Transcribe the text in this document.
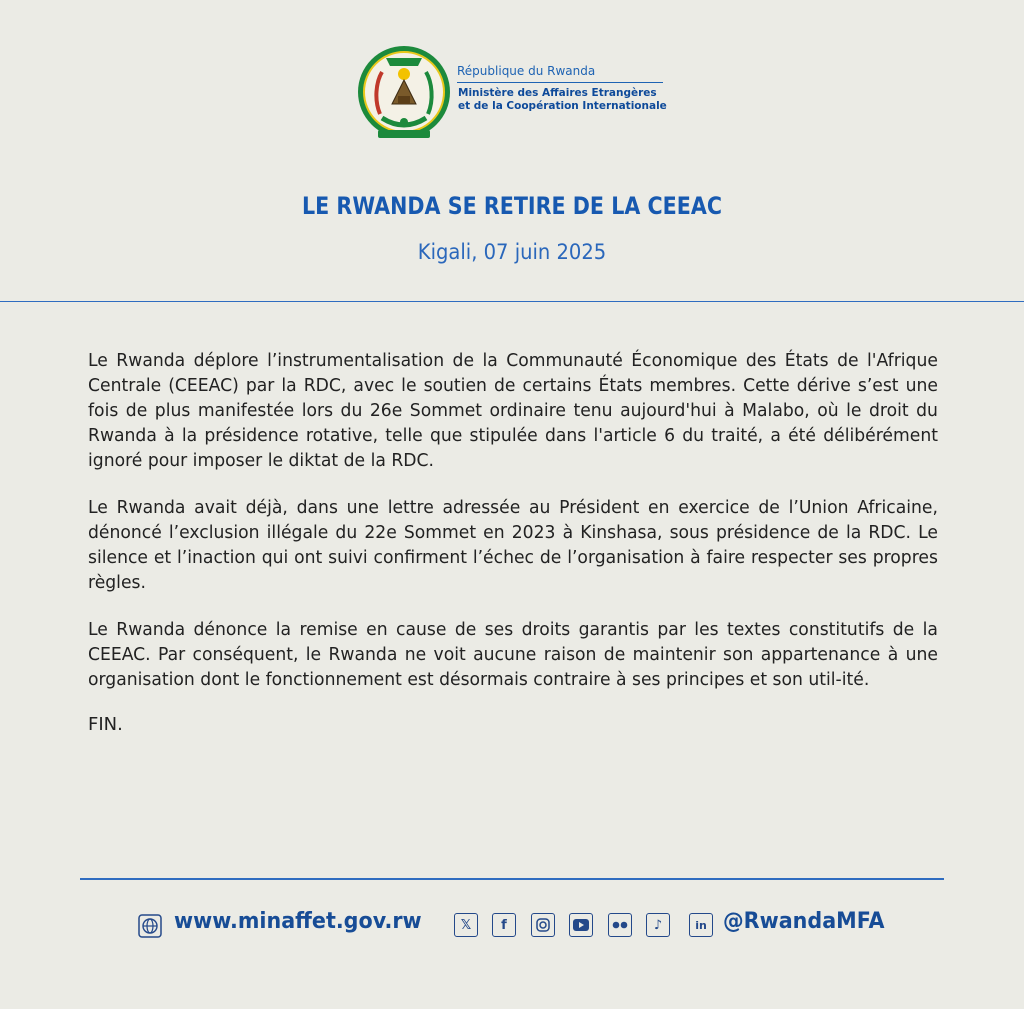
République du Rwanda
Ministère des Affaires Etrangères
et de la Coopération Internationale
LE RWANDA SE RETIRE DE LA CEEAC
Kigali, 07 juin 2025

Le Rwanda déplore l’instrumentalisation de la Communauté Économique des États de l'Afrique Centrale (CEEAC) par la RDC, avec le soutien de certains États membres. Cette dérive s’est une fois de plus manifestée lors du 26e Sommet ordinaire tenu aujourd'hui à Malabo, où le droit du Rwanda à la présidence rotative, telle que stipulée dans l'article 6 du traité, a été délibérément ignoré pour imposer le diktat de la RDC.

Le Rwanda avait déjà, dans une lettre adressée au Président en exercice de l’Union Africaine, dénoncé l’exclusion illégale du 22e Sommet en 2023 à Kinshasa, sous présidence de la RDC. Le silence et l’inaction qui ont suivi confirment l’échec de l’organisation à faire respecter ses propres règles.

Le Rwanda dénonce la remise en cause de ses droits garantis par les textes constitutifs de la CEEAC. Par conséquent, le Rwanda ne voit aucune raison de maintenir son appartenance à une organisation dont le fonctionnement est désormais contraire à ses principes et son util-ité.

FIN.
www.minaffet.gov.rw	𝕏	f	♪	in @RwandaMFA
